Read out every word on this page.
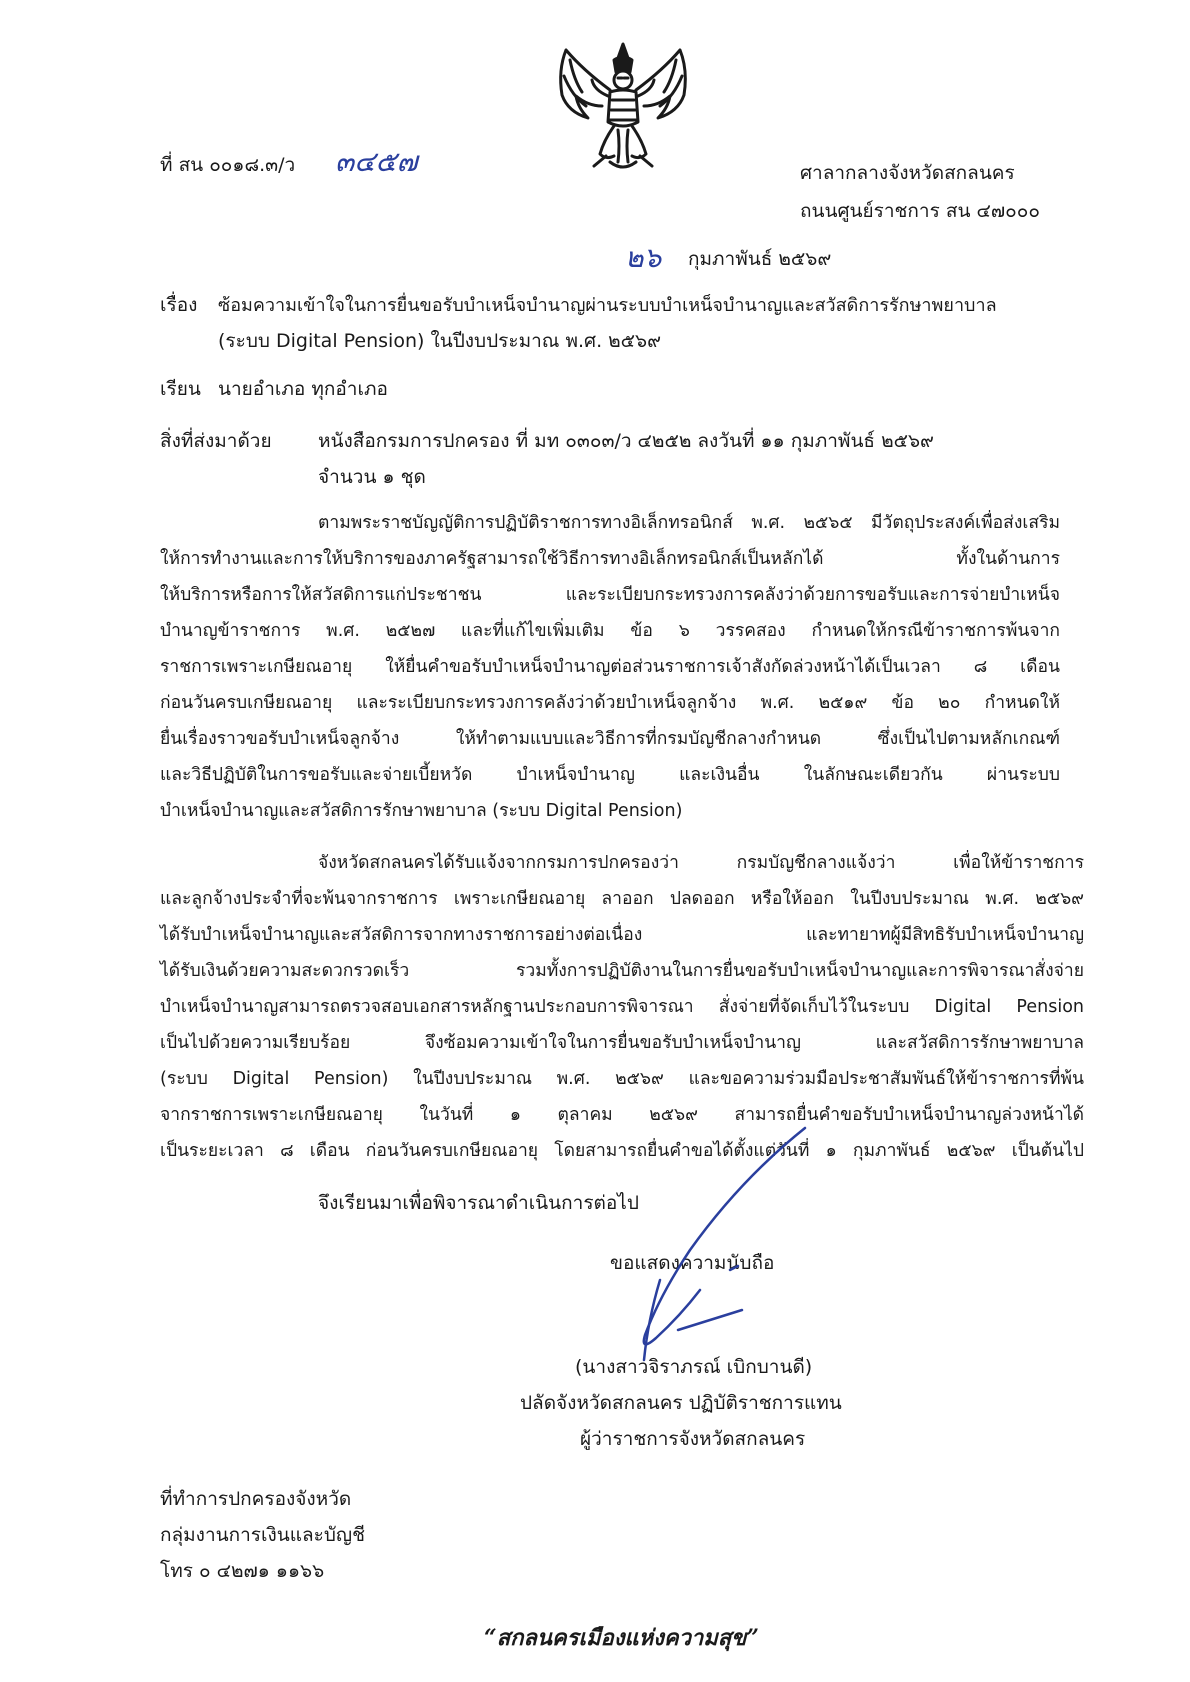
ที่ สน ๐๐๑๘.๓/ว ๓๔๕๗	ศาลากลางจังหวัดสกลนคร
ถนนศูนย์ราชการ สน ๔๗๐๐๐
๒๖ กุมภาพันธ์ ๒๕๖๙
เรื่อง ซ้อมความเข้าใจในการยื่นขอรับบำเหน็จบำนาญผ่านระบบบำเหน็จบำนาญและสวัสดิการรักษาพยาบาล
(ระบบ Digital Pension) ในปีงบประมาณ พ.ศ. ๒๕๖๙
เรียน นายอำเภอ ทุกอำเภอ
สิ่งที่ส่งมาด้วย หนังสือกรมการปกครอง ที่ มท ๐๓๐๓/ว ๔๒๕๒ ลงวันที่ ๑๑ กุมภาพันธ์ ๒๕๖๙
จำนวน ๑ ชุด
ตามพระราชบัญญัติการปฏิบัติราชการทางอิเล็กทรอนิกส์ พ.ศ. ๒๕๖๕ มีวัตถุประสงค์เพื่อส่งเสริม
ให้การทำงานและการให้บริการของภาครัฐสามารถใช้วิธีการทางอิเล็กทรอนิกส์เป็นหลักได้ ทั้งในด้านการ
ให้บริการหรือการให้สวัสดิการแก่ประชาชน และระเบียบกระทรวงการคลังว่าด้วยการขอรับและการจ่ายบำเหน็จ
บำนาญข้าราชการ พ.ศ. ๒๕๒๗ และที่แก้ไขเพิ่มเติม ข้อ ๖ วรรคสอง กำหนดให้กรณีข้าราชการพ้นจาก
ราชการเพราะเกษียณอายุ ให้ยื่นคำขอรับบำเหน็จบำนาญต่อส่วนราชการเจ้าสังกัดล่วงหน้าได้เป็นเวลา ๘ เดือน
ก่อนวันครบเกษียณอายุ และระเบียบกระทรวงการคลังว่าด้วยบำเหน็จลูกจ้าง พ.ศ. ๒๕๑๙ ข้อ ๒๐ กำหนดให้
ยื่นเรื่องราวขอรับบำเหน็จลูกจ้าง ให้ทำตามแบบและวิธีการที่กรมบัญชีกลางกำหนด ซึ่งเป็นไปตามหลักเกณฑ์
และวิธีปฏิบัติในการขอรับและจ่ายเบี้ยหวัด บำเหน็จบำนาญ และเงินอื่น ในลักษณะเดียวกัน ผ่านระบบ
บำเหน็จบำนาญและสวัสดิการรักษาพยาบาล (ระบบ Digital Pension)
จังหวัดสกลนครได้รับแจ้งจากกรมการปกครองว่า กรมบัญชีกลางแจ้งว่า เพื่อให้ข้าราชการ
และลูกจ้างประจำที่จะพ้นจากราชการ เพราะเกษียณอายุ ลาออก ปลดออก หรือให้ออก ในปีงบประมาณ พ.ศ. ๒๕๖๙
ได้รับบำเหน็จบำนาญและสวัสดิการจากทางราชการอย่างต่อเนื่อง และทายาทผู้มีสิทธิรับบำเหน็จบำนาญ
ได้รับเงินด้วยความสะดวกรวดเร็ว รวมทั้งการปฏิบัติงานในการยื่นขอรับบำเหน็จบำนาญและการพิจารณาสั่งจ่าย
บำเหน็จบำนาญสามารถตรวจสอบเอกสารหลักฐานประกอบการพิจารณา สั่งจ่ายที่จัดเก็บไว้ในระบบ Digital Pension
เป็นไปด้วยความเรียบร้อย จึงซ้อมความเข้าใจในการยื่นขอรับบำเหน็จบำนาญ และสวัสดิการรักษาพยาบาล
(ระบบ Digital Pension) ในปีงบประมาณ พ.ศ. ๒๕๖๙ และขอความร่วมมือประชาสัมพันธ์ให้ข้าราชการที่พ้น
จากราชการเพราะเกษียณอายุ ในวันที่ ๑ ตุลาคม ๒๕๖๙ สามารถยื่นคำขอรับบำเหน็จบำนาญล่วงหน้าได้
เป็นระยะเวลา ๘ เดือน ก่อนวันครบเกษียณอายุ โดยสามารถยื่นคำขอได้ตั้งแต่วันที่ ๑ กุมภาพันธ์ ๒๕๖๙ เป็นต้นไป
จึงเรียนมาเพื่อพิจารณาดำเนินการต่อไป
ขอแสดงความนับถือ
(นางสาวจิราภรณ์ เบิกบานดี)
ปลัดจังหวัดสกลนคร ปฏิบัติราชการแทน
ผู้ว่าราชการจังหวัดสกลนคร
ที่ทำการปกครองจังหวัด
กลุ่มงานการเงินและบัญชี
โทร ๐ ๔๒๗๑ ๑๑๖๖
“สกลนครเมืองแห่งความสุข”
